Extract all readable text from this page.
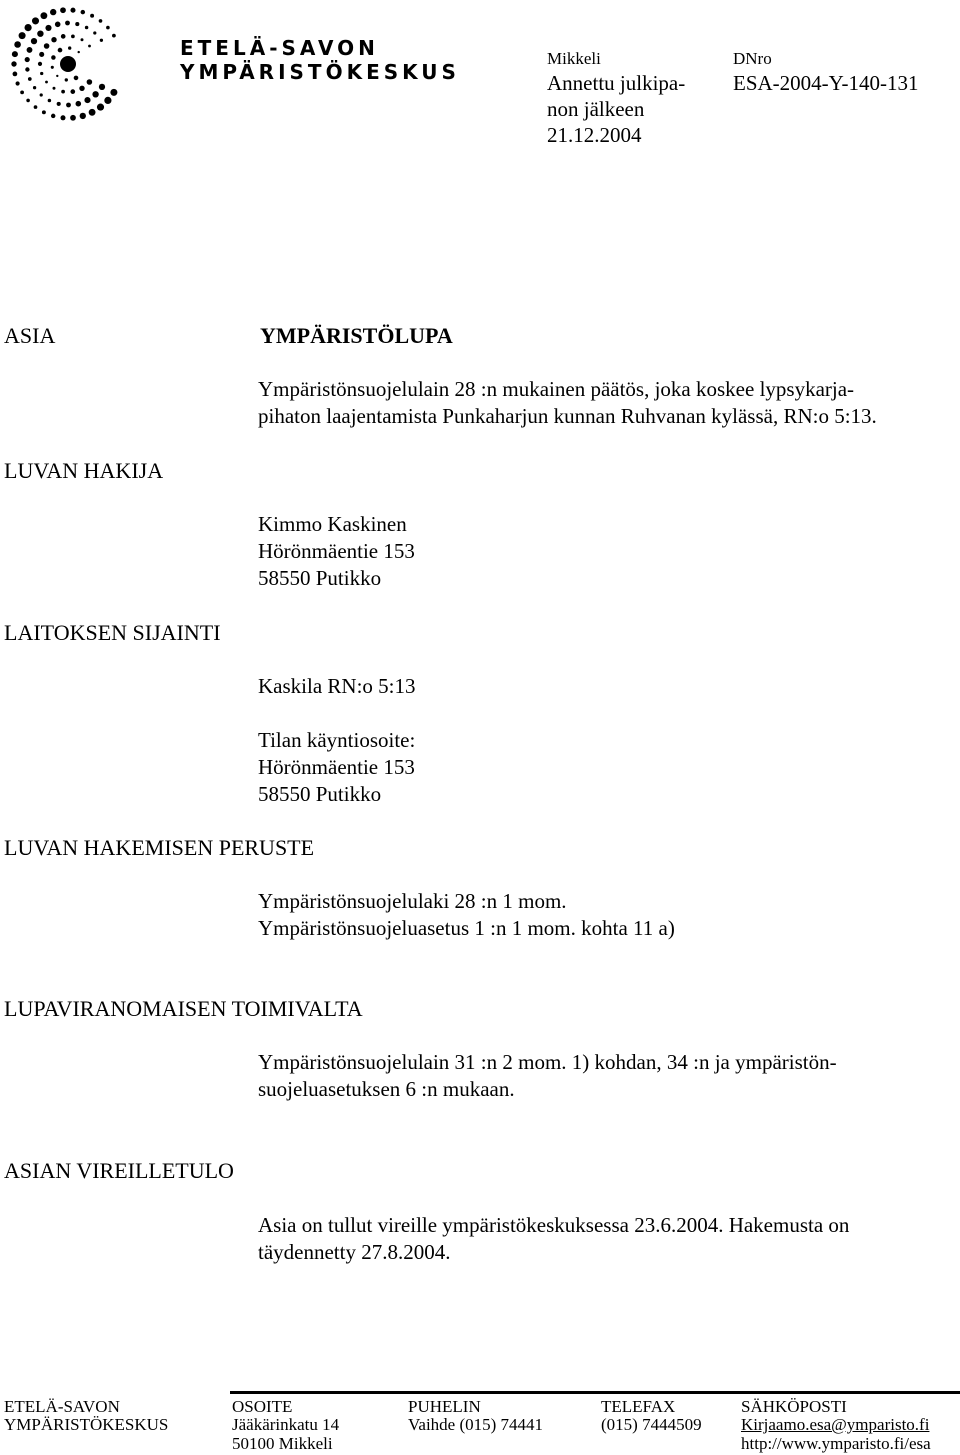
ETELÄ-SAVON
YMPÄRISTÖKESKUS
Mikkeli
Annettu julkipa-
non jälkeen
21.12.2004
DNro
ESA-2004-Y-140-131
ASIA	YMPÄRISTÖLUPA
Ympäristönsuojelulain 28 :n mukainen päätös, joka koskee lypsykarja-
pihaton laajentamista Punkaharjun kunnan Ruhvanan kylässä, RN:o 5:13.
LUVAN HAKIJA
Kimmo Kaskinen
Hörönmäentie 153
58550 Putikko
LAITOKSEN SIJAINTI
Kaskila RN:o 5:13
Tilan käyntiosoite:
Hörönmäentie 153
58550 Putikko
LUVAN HAKEMISEN PERUSTE
Ympäristönsuojelulaki 28 :n 1 mom.
Ympäristönsuojeluasetus 1 :n 1 mom. kohta 11 a)
LUPAVIRANOMAISEN TOIMIVALTA
Ympäristönsuojelulain 31 :n 2 mom. 1) kohdan, 34 :n ja ympäristön-
suojeluasetuksen 6 :n mukaan.
ASIAN VIREILLETULO
Asia on tullut vireille ympäristökeskuksessa 23.6.2004. Hakemusta on
täydennetty 27.8.2004.
ETELÄ-SAVON
YMPÄRISTÖKESKUS
OSOITE
Jääkärinkatu 14
50100 Mikkeli
PUHELIN
Vaihde (015) 74441
TELEFAX
(015) 7444509
SÄHKÖPOSTI
Kirjaamo.esa@ymparisto.fi
http://www.ymparisto.fi/esa
